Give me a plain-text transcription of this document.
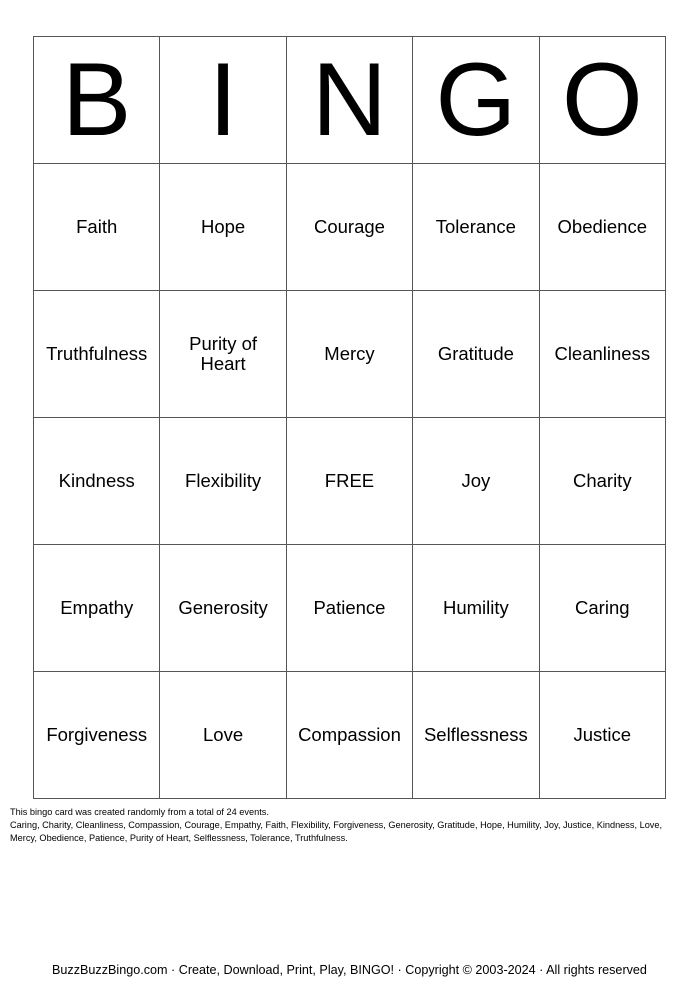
B	I	N	G	O
Faith	Hope	Courage	Tolerance	Obedience
Truthfulness	Purity of Heart	Mercy	Gratitude	Cleanliness
Kindness	Flexibility	FREE	Joy	Charity
Empathy	Generosity	Patience	Humility	Caring
Forgiveness	Love	Compassion	Selflessness	Justice

This bingo card was created randomly from a total of 24 events.

Caring, Charity, Cleanliness, Compassion, Courage, Empathy, Faith, Flexibility, Forgiveness, Generosity, Gratitude, Hope, Humility, Joy, Justice, Kindness, Love, Mercy, Obedience, Patience, Purity of Heart, Selflessness, Tolerance, Truthfulness.

BuzzBuzzBingo.com · Create, Download, Print, Play, BINGO! · Copyright © 2003-2024 · All rights reserved
